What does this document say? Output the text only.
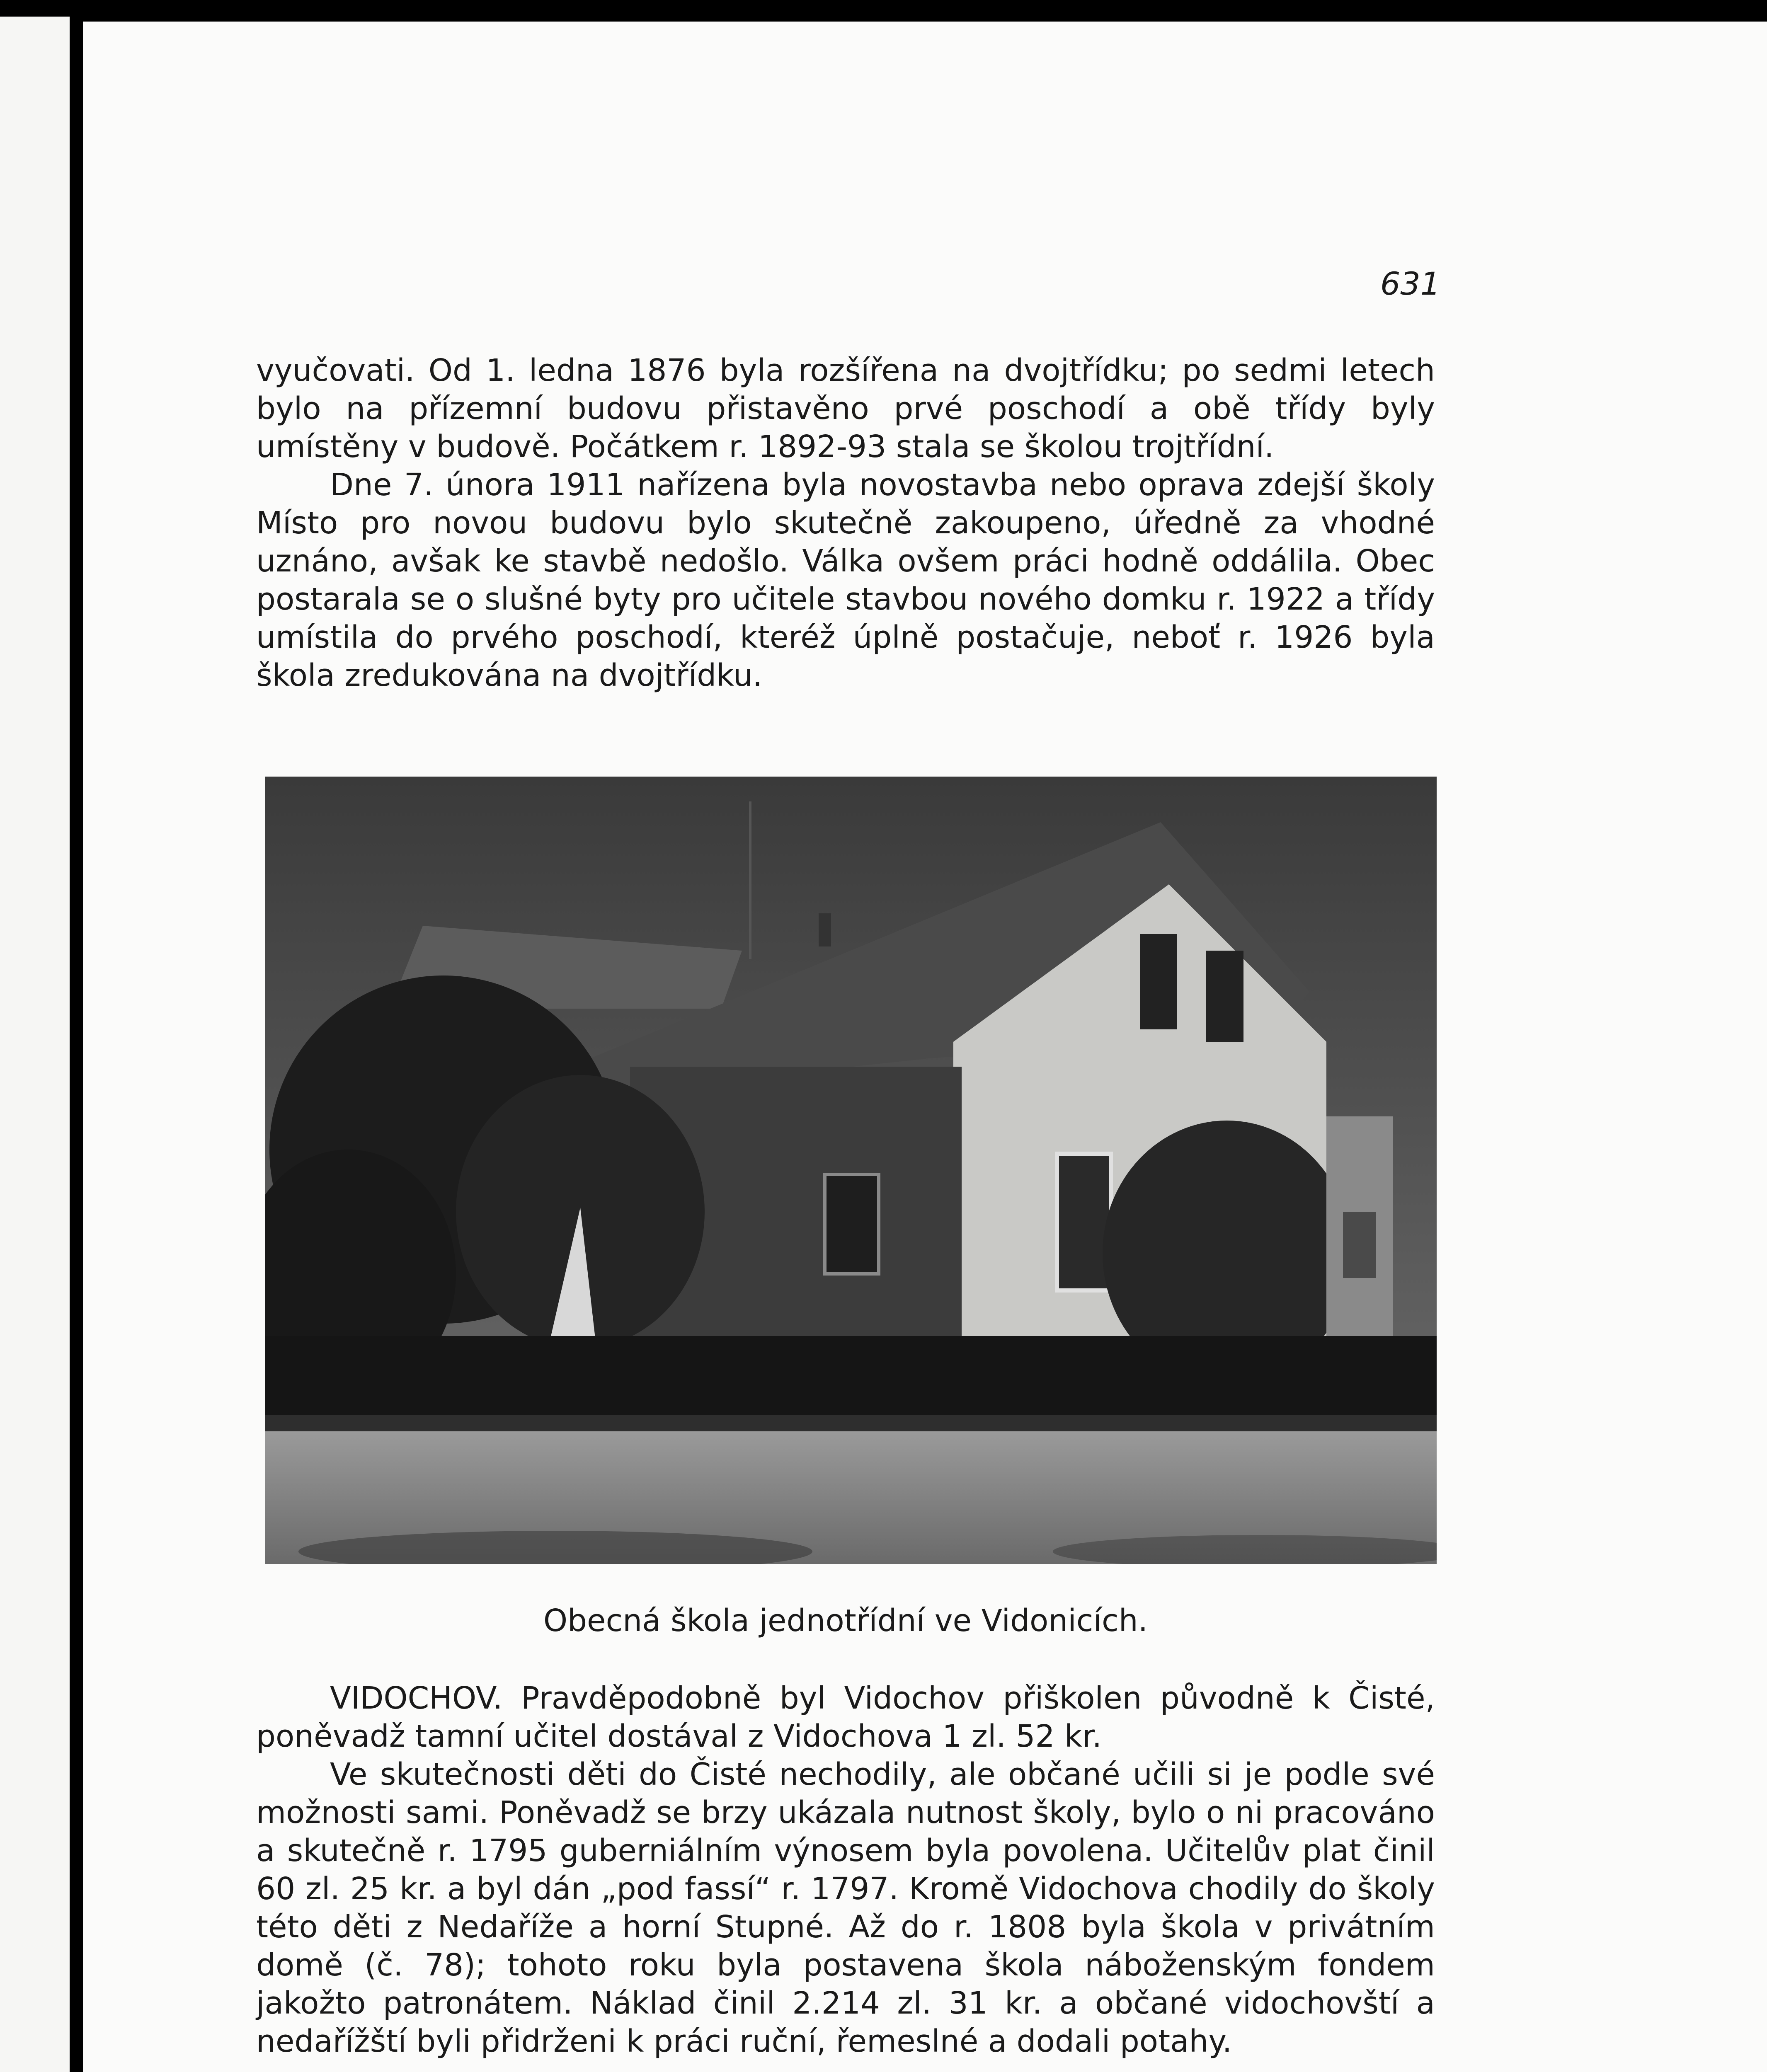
631

vyučovati. Od 1. ledna 1876 byla rozšířena na dvojtřídku; po sedmi letech bylo na přízemní budovu přistavěno prvé poschodí a obě třídy byly umístěny v budově. Počátkem r. 1892-93 stala se školou trojtřídní.

Dne 7. února 1911 nařízena byla novostavba nebo oprava zdejší školy Místo pro novou budovu bylo skutečně zakoupeno, úředně za vhodné uznáno, avšak ke stavbě nedošlo. Válka ovšem práci hodně oddálila. Obec postarala se o slušné byty pro učitele stavbou nového domku r. 1922 a třídy umístila do prvého poschodí, kteréž úplně postačuje, neboť r. 1926 byla škola zredukována na dvojtřídku.

Obecná škola jednotřídní ve Vidonicích.

VIDOCHOV. Pravděpodobně byl Vidochov přiškolen původně k Čisté, poněvadž tamní učitel dostával z Vidochova 1 zl. 52 kr.

Ve skutečnosti děti do Čisté nechodily, ale občané učili si je podle své možnosti sami. Poněvadž se brzy ukázala nutnost školy, bylo o ni pracováno a skutečně r. 1795 guberniálním výnosem byla povolena. Učitelův plat činil 60 zl. 25 kr. a byl dán „pod fassí“ r. 1797. Kromě Vidochova chodily do školy této děti z Nedaříže a horní Stupné. Až do r. 1808 byla škola v privátním domě (č. 78); tohoto roku byla postavena škola náboženským fondem jakožto patronátem. Náklad činil 2.214 zl. 31 kr. a občané vidochovští a nedařížští byli přidrženi k práci ruční, řemeslné a dodali potahy.
